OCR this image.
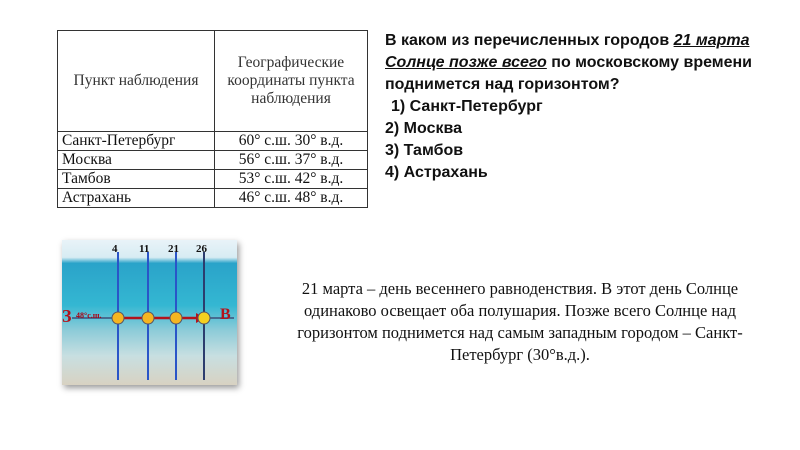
Пункт наблюдения	Географические координаты пункта наблюдения
Санкт-Петербург	60° с.ш. 30° в.д.
Москва	56° с.ш. 37° в.д.
Тамбов	53° с.ш. 42° в.д.
Астрахань	46° с.ш. 48° в.д.
В каком из перечисленных городов 21 марта Солнце позже всего по московскому времени поднимется над горизонтом?
1) Санкт-Петербург
2) Москва
3) Тамбов
4) Астрахань
4 11 21 26
З 48°с.ш.	В
21 марта – день весеннего равноденствия. В этот день Солнце одинаково освещает оба полушария. Позже всего Солнце над горизонтом поднимется над самым западным городом – Санкт-Петербург (30°в.д.).
